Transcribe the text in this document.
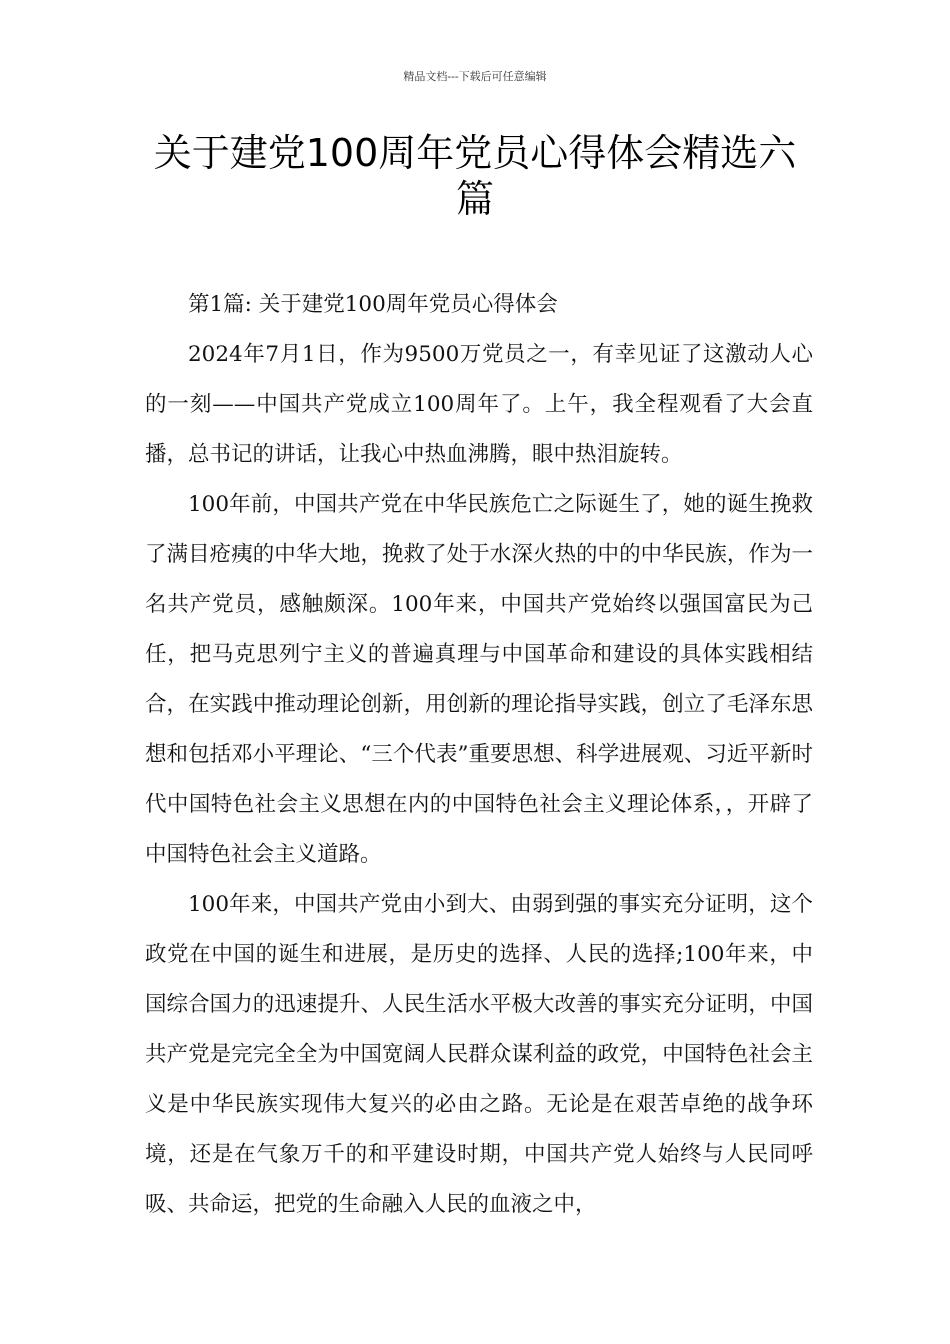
精品文档---下载后可任意编辑
关于建党100周年党员心得体会精选六篇

第1篇: 关于建党100周年党员心得体会

2024年7月1日，作为9500万党员之一，有幸见证了这激动人心的一刻——中国共产党成立100周年了。上午，我全程观看了大会直播，总书记的讲话，让我心中热血沸腾，眼中热泪旋转。

100年前，中国共产党在中华民族危亡之际诞生了，她的诞生挽救了满目疮痍的中华大地，挽救了处于水深火热的中的中华民族，作为一名共产党员，感触颇深。100年来，中国共产党始终以强国富民为己任，把马克思列宁主义的普遍真理与中国革命和建设的具体实践相结合，在实践中推动理论创新，用创新的理论指导实践，创立了毛泽东思想和包括邓小平理论、“三个代表”重要思想、科学进展观、习近平新时代中国特色社会主义思想在内的中国特色社会主义理论体系，，开辟了中国特色社会主义道路。

100年来，中国共产党由小到大、由弱到强的事实充分证明，这个政党在中国的诞生和进展，是历史的选择、人民的选择;100年来，中国综合国力的迅速提升、人民生活水平极大改善的事实充分证明，中国共产党是完完全全为中国宽阔人民群众谋利益的政党，中国特色社会主义是中华民族实现伟大复兴的必由之路。无论是在艰苦卓绝的战争环境，还是在气象万千的和平建设时期，中国共产党人始终与人民同呼吸、共命运，把党的生命融入人民的血液之中，
